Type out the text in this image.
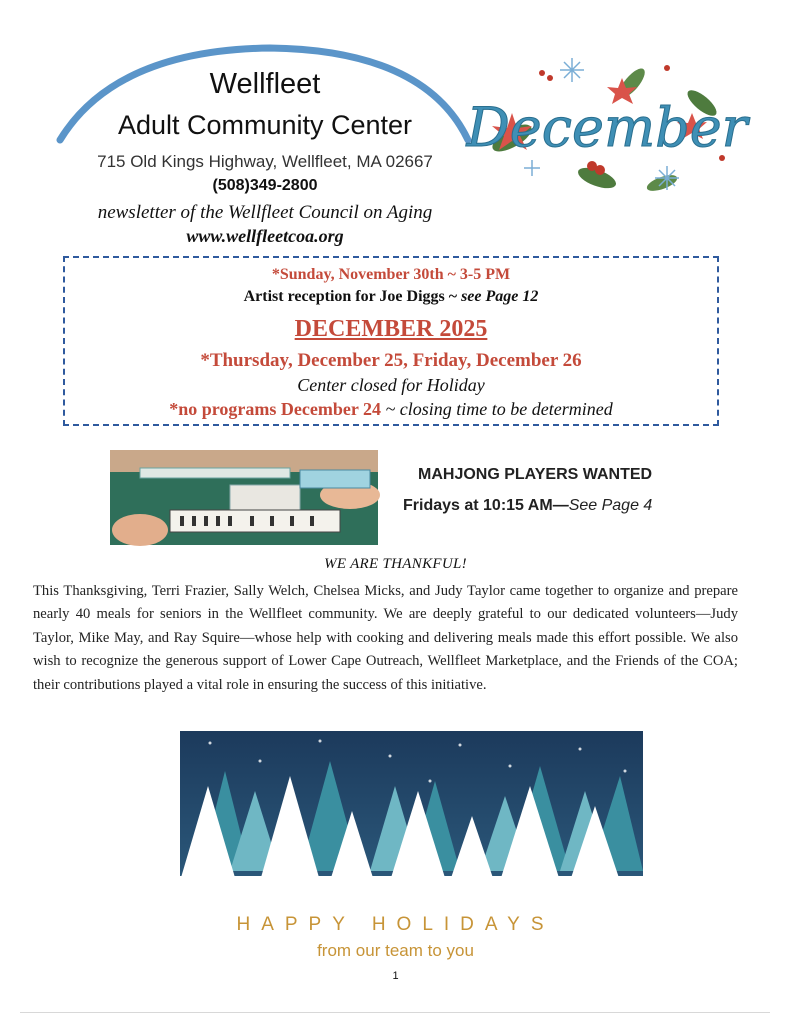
Wellfleet
Adult Community Center
715 Old Kings Highway, Wellfleet, MA 02667
(508)349-2800
newsletter of the Wellfleet Council on Aging
www.wellfleetcoa.org
December
*Sunday, November 30th ~ 3-5 PM
Artist reception for Joe Diggs ~ see Page 12
DECEMBER 2025
*Thursday, December 25, Friday, December 26
Center closed for Holiday
*no programs December 24 ~ closing time to be determined
MAHJONG PLAYERS WANTED
Fridays at 10:15 AM—See Page 4
WE ARE THANKFUL!
This Thanksgiving, Terri Frazier, Sally Welch, Chelsea Micks, and Judy Taylor came together to organize and prepare nearly 40 meals for seniors in the Wellfleet community. We are deeply grateful to our dedicated volunteers—Judy Taylor, Mike May, and Ray Squire—whose help with cooking and delivering meals made this effort possible. We also wish to recognize the generous support of Lower Cape Outreach, Wellfleet Marketplace, and the Friends of the COA; their contributions played a vital role in ensuring the success of this initiative.
HAPPY HOLIDAYS
from our team to you
1
